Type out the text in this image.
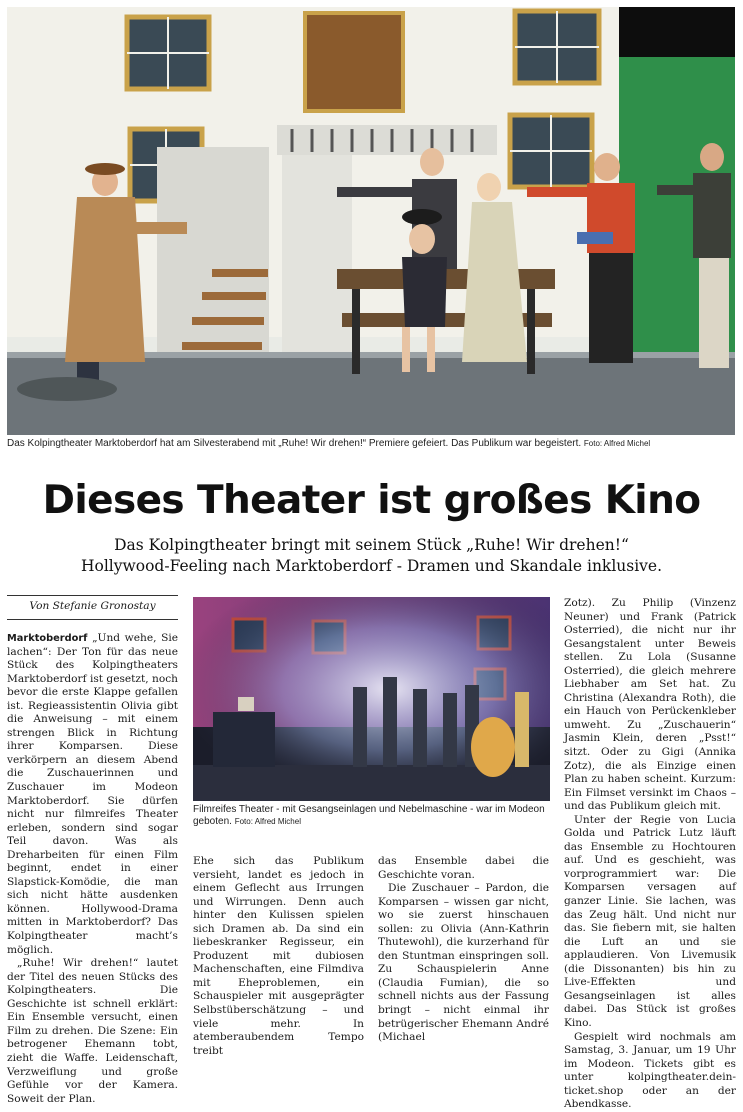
Das Kolpingtheater Marktoberdorf hat am Silvesterabend mit „Ruhe! Wir drehen!“ Premiere gefeiert. Das Publikum war begeistert. Foto: Alfred Michel
Dieses Theater ist großes Kino
Das Kolpingtheater bringt mit seinem Stück „Ruhe! Wir drehen!“
Hollywood-Feeling nach Marktoberdorf - Dramen und Skandale inklusive.
Von Stefanie Gronostay

Marktoberdorf „Und wehe, Sie lachen“: Der Ton für das neue Stück des Kolpingtheaters Marktoberdorf ist gesetzt, noch bevor die erste Klappe gefallen ist. Regieassistentin Olivia gibt die Anweisung – mit einem strengen Blick in Richtung ihrer Komparsen. Diese verkörpern an diesem Abend die Zuschauerinnen und Zuschauer im Modeon Marktoberdorf. Sie dürfen nicht nur filmreifes Theater erleben, sondern sind sogar Teil davon. Was als Dreharbeiten für einen Film beginnt, endet in einer Slapstick-Komödie, die man sich nicht hätte ausdenken können. Hollywood-Drama mitten in Marktoberdorf? Das Kolpingtheater macht’s möglich.

„Ruhe! Wir drehen!“ lautet der Titel des neuen Stücks des Kolpingtheaters. Die Geschichte ist schnell erklärt: Ein Ensemble versucht, einen Film zu drehen. Die Szene: Ein betrogener Ehemann tobt, zieht die Waffe. Leidenschaft, Verzweiflung und große Gefühle vor der Kamera. Soweit der Plan.

Filmreifes Theater - mit Gesangseinlagen und Nebelmaschine - war im Modeon geboten. Foto: Alfred Michel

Ehe sich das Publikum versieht, landet es jedoch in einem Geflecht aus Irrungen und Wirrungen. Denn auch hinter den Kulissen spielen sich Dramen ab. Da sind ein liebeskranker Regisseur, ein Produzent mit dubiosen Machenschaften, eine Filmdiva mit Eheproblemen, ein Schauspieler mit ausgeprägter Selbstüberschätzung – und viele mehr. In atemberaubendem Tempo treibt

das Ensemble dabei die Geschichte voran.

Die Zuschauer – Pardon, die Komparsen – wissen gar nicht, wo sie zuerst hinschauen sollen: zu Olivia (Ann-Kathrin Thutewohl), die kurzerhand für den Stuntman einspringen soll. Zu Schauspielerin Anne (Claudia Fumian), die so schnell nichts aus der Fassung bringt – nicht einmal ihr betrügerischer Ehemann André (Michael

Zotz). Zu Philip (Vinzenz Neuner) und Frank (Patrick Osterried), die nicht nur ihr Gesangstalent unter Beweis stellen. Zu Lola (Susanne Osterried), die gleich mehrere Liebhaber am Set hat. Zu Christina (Alexandra Roth), die ein Hauch von Perückenkleber umweht. Zu „Zuschauerin“ Jasmin Klein, deren „Psst!“ sitzt. Oder zu Gigi (Annika Zotz), die als Einzige einen Plan zu haben scheint. Kurzum: Ein Filmset versinkt im Chaos – und das Publikum gleich mit.

Unter der Regie von Lucia Golda und Patrick Lutz läuft das Ensemble zu Hochtouren auf. Und es geschieht, was vorprogrammiert war: Die Komparsen versagen auf ganzer Linie. Sie lachen, was das Zeug hält. Und nicht nur das. Sie fiebern mit, sie halten die Luft an und sie applaudieren. Von Livemusik (die Dissonanten) bis hin zu Live-Effekten und Gesangseinlagen ist alles dabei. Das Stück ist großes Kino.

Gespielt wird nochmals am Samstag, 3. Januar, um 19 Uhr im Modeon. Tickets gibt es unter kolpingtheater.dein-ticket.shop oder an der Abendkasse.
